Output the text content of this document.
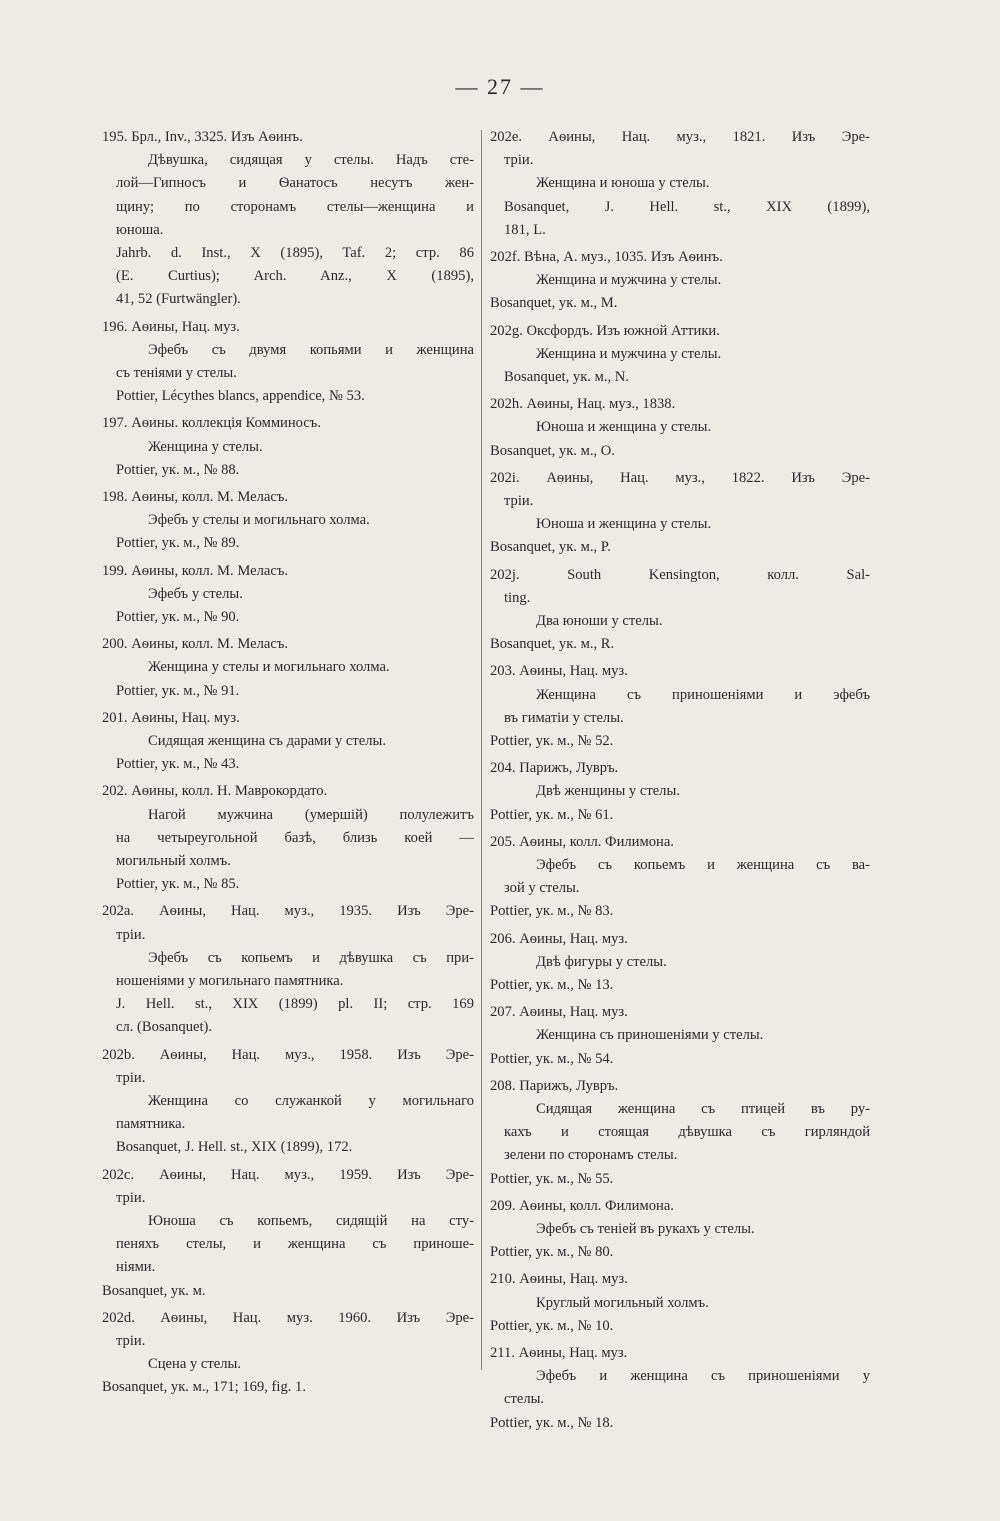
— 27 —
195. Брл., Inv., 3325. Изъ Аѳинъ.
Дѣвушка, сидящая у стелы. Надъ сте-
лой—Гипносъ и Ѳанатосъ несутъ жен-
щину; по сторонамъ стелы—женщина и
юноша.
Jahrb. d. Inst., X (1895), Taf. 2; стр. 86
(E. Curtius); Arch. Anz., X (1895),
41, 52 (Furtwängler).
196. Аѳины, Нац. муз.
Эфебъ съ двумя копьями и женщина
съ теніями у стелы.
Pottier, Lécythes blancs, appendice, № 53.
197. Аѳины. коллекція Комминосъ.
Женщина у стелы.
Pottier, ук. м., № 88.
198. Аѳины, колл. М. Меласъ.
Эфебъ у стелы и могильнаго холма.
Pottier, ук. м., № 89.
199. Аѳины, колл. М. Меласъ.
Эфебъ у стелы.
Pottier, ук. м., № 90.
200. Аѳины, колл. М. Меласъ.
Женщина у стелы и могильнаго холма.
Pottier, ук. м., № 91.
201. Аѳины, Нац. муз.
Сидящая женщина съ дарами у стелы.
Pottier, ук. м., № 43.
202. Аѳины, колл. Н. Маврокордато.
Нагой мужчина (умершій) полулежитъ
на четыреугольной базѣ, близь коей —
могильный холмъ.
Pottier, ук. м., № 85.
202a. Аѳины, Нац. муз., 1935. Изъ Эре-
тріи.
Эфебъ съ копьемъ и дѣвушка съ при-
ношеніями у могильнаго памятника.
J. Hell. st., XIX (1899) pl. II; стр. 169
сл. (Bosanquet).
202b. Аѳины, Нац. муз., 1958. Изъ Эре-
тріи.
Женщина со служанкой у могильнаго
памятника.
Bosanquet, J. Hell. st., XIX (1899), 172.
202c. Аѳины, Нац. муз., 1959. Изъ Эре-
тріи.
Юноша съ копьемъ, сидящій на сту-
пеняхъ стелы, и женщина съ приноше-
ніями.
Bosanquet, ук. м.
202d. Аѳины, Нац. муз. 1960. Изъ Эре-
тріи.
Сцена у стелы.
Bosanquet, ук. м., 171; 169, fig. 1.
202e. Аѳины, Нац. муз., 1821. Изъ Эре-
тріи.
Женщина и юноша у стелы.
Bosanquet, J. Hell. st., XIX (1899),
181, L.
202f. Вѣна, А. муз., 1035. Изъ Аѳинъ.
Женщина и мужчина у стелы.
Bosanquet, ук. м., M.
202g. Оксфордъ. Изъ южной Аттики.
Женщина и мужчина у стелы.
Bosanquet, ук. м., N.
202h. Аѳины, Нац. муз., 1838.
Юноша и женщина у стелы.
Bosanquet, ук. м., O.
202i. Аѳины, Нац. муз., 1822. Изъ Эре-
тріи.
Юноша и женщина у стелы.
Bosanquet, ук. м., P.
202j. South Kensington, колл. Sal-
ting.
Два юноши у стелы.
Bosanquet, ук. м., R.
203. Аѳины, Нац. муз.
Женщина съ приношеніями и эфебъ
въ гиматіи у стелы.
Pottier, ук. м., № 52.
204. Парижъ, Лувръ.
Двѣ женщины у стелы.
Pottier, ук. м., № 61.
205. Аѳины, колл. Филимона.
Эфебъ съ копьемъ и женщина съ ва-
зой у стелы.
Pottier, ук. м., № 83.
206. Аѳины, Нац. муз.
Двѣ фигуры у стелы.
Pottier, ук. м., № 13.
207. Аѳины, Нац. муз.
Женщина съ приношеніями у стелы.
Pottier, ук. м., № 54.
208. Парижъ, Лувръ.
Сидящая женщина съ птицей въ ру-
кахъ и стоящая дѣвушка съ гирляндой
зелени по сторонамъ стелы.
Pottier, ук. м., № 55.
209. Аѳины, колл. Филимона.
Эфебъ съ теніей въ рукахъ у стелы.
Pottier, ук. м., № 80.
210. Аѳины, Нац. муз.
Круглый могильный холмъ.
Pottier, ук. м., № 10.
211. Аѳины, Нац. муз.
Эфебъ и женщина съ приношеніями у
стелы.
Pottier, ук. м., № 18.
